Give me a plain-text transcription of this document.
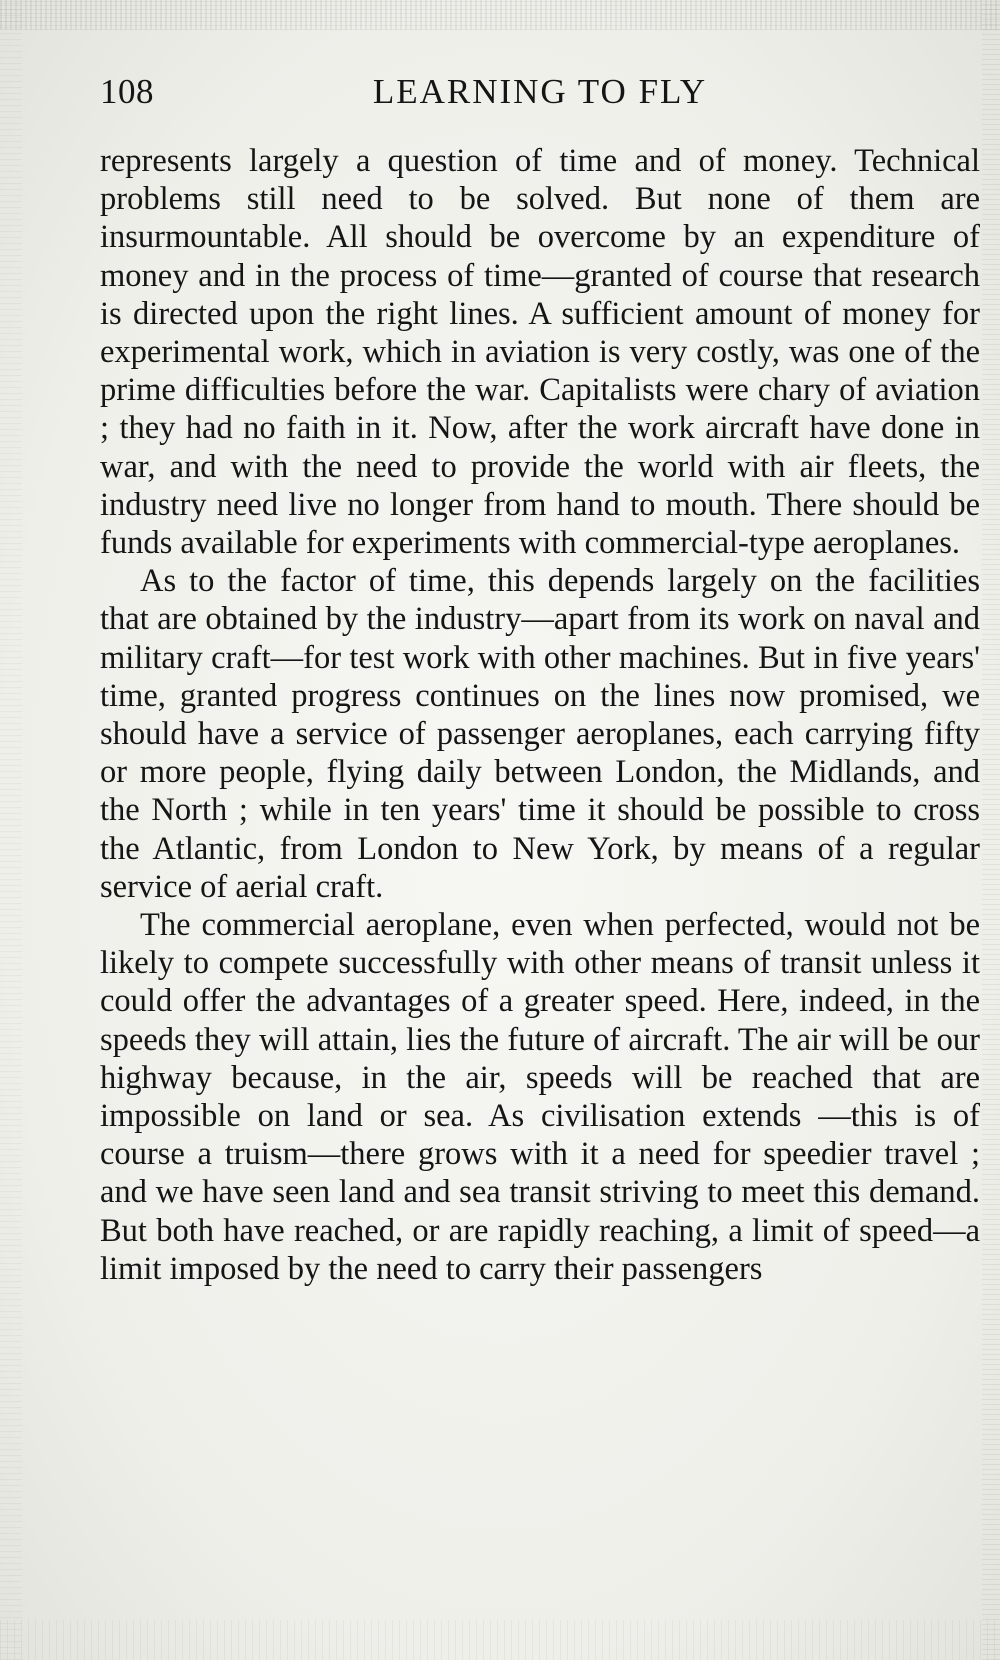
LEARNING TO FLY
108

represents largely a question of time and of money. Technical problems still need to be solved. But none of them are insurmountable. All should be overcome by an expenditure of money and in the process of time—granted of course that research is directed upon the right lines. A sufficient amount of money for experimental work, which in aviation is very costly, was one of the prime difficulties before the war. Capitalists were chary of aviation ; they had no faith in it. Now, after the work aircraft have done in war, and with the need to provide the world with air fleets, the industry need live no longer from hand to mouth. There should be funds available for experiments with commercial-type aeroplanes.

As to the factor of time, this depends largely on the facilities that are obtained by the industry—apart from its work on naval and military craft—for test work with other machines. But in five years' time, granted progress continues on the lines now promised, we should have a service of passenger aeroplanes, each carrying fifty or more people, flying daily between London, the Midlands, and the North ; while in ten years' time it should be possible to cross the Atlantic, from London to New York, by means of a regular service of aerial craft.

The commercial aeroplane, even when perfected, would not be likely to compete successfully with other means of transit unless it could offer the advantages of a greater speed. Here, indeed, in the speeds they will attain, lies the future of aircraft. The air will be our highway because, in the air, speeds will be reached that are impossible on land or sea. As civilisation extends —this is of course a truism—there grows with it a need for speedier travel ; and we have seen land and sea transit striving to meet this demand. But both have reached, or are rapidly reaching, a limit of speed—a limit imposed by the need to carry their passengers
